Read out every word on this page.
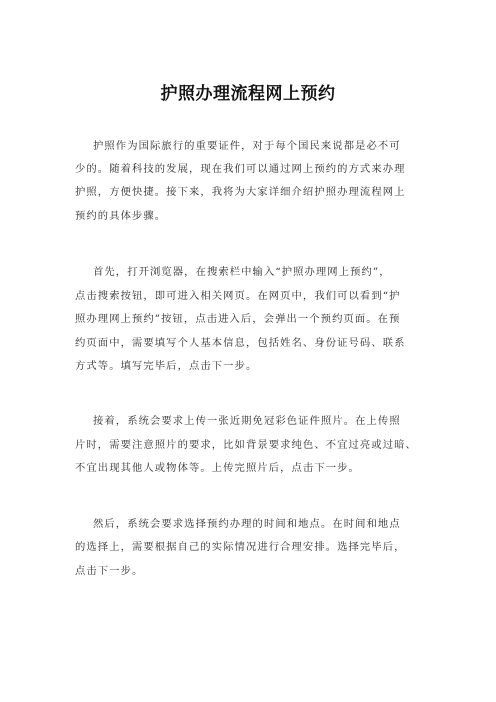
护照办理流程网上预约
护照作为国际旅行的重要证件，对于每个国民来说都是必不可
少的。随着科技的发展，现在我们可以通过网上预约的方式来办理
护照，方便快捷。接下来，我将为大家详细介绍护照办理流程网上
预约的具体步骤。
首先，打开浏览器，在搜索栏中输入“护照办理网上预约”，
点击搜索按钮，即可进入相关网页。在网页中，我们可以看到“护
照办理网上预约”按钮，点击进入后，会弹出一个预约页面。在预
约页面中，需要填写个人基本信息，包括姓名、身份证号码、联系
方式等。填写完毕后，点击下一步。
接着，系统会要求上传一张近期免冠彩色证件照片。在上传照
片时，需要注意照片的要求，比如背景要求纯色、不宜过亮或过暗、
不宜出现其他人或物体等。上传完照片后，点击下一步。
然后，系统会要求选择预约办理的时间和地点。在时间和地点
的选择上，需要根据自己的实际情况进行合理安排。选择完毕后，
点击下一步。
